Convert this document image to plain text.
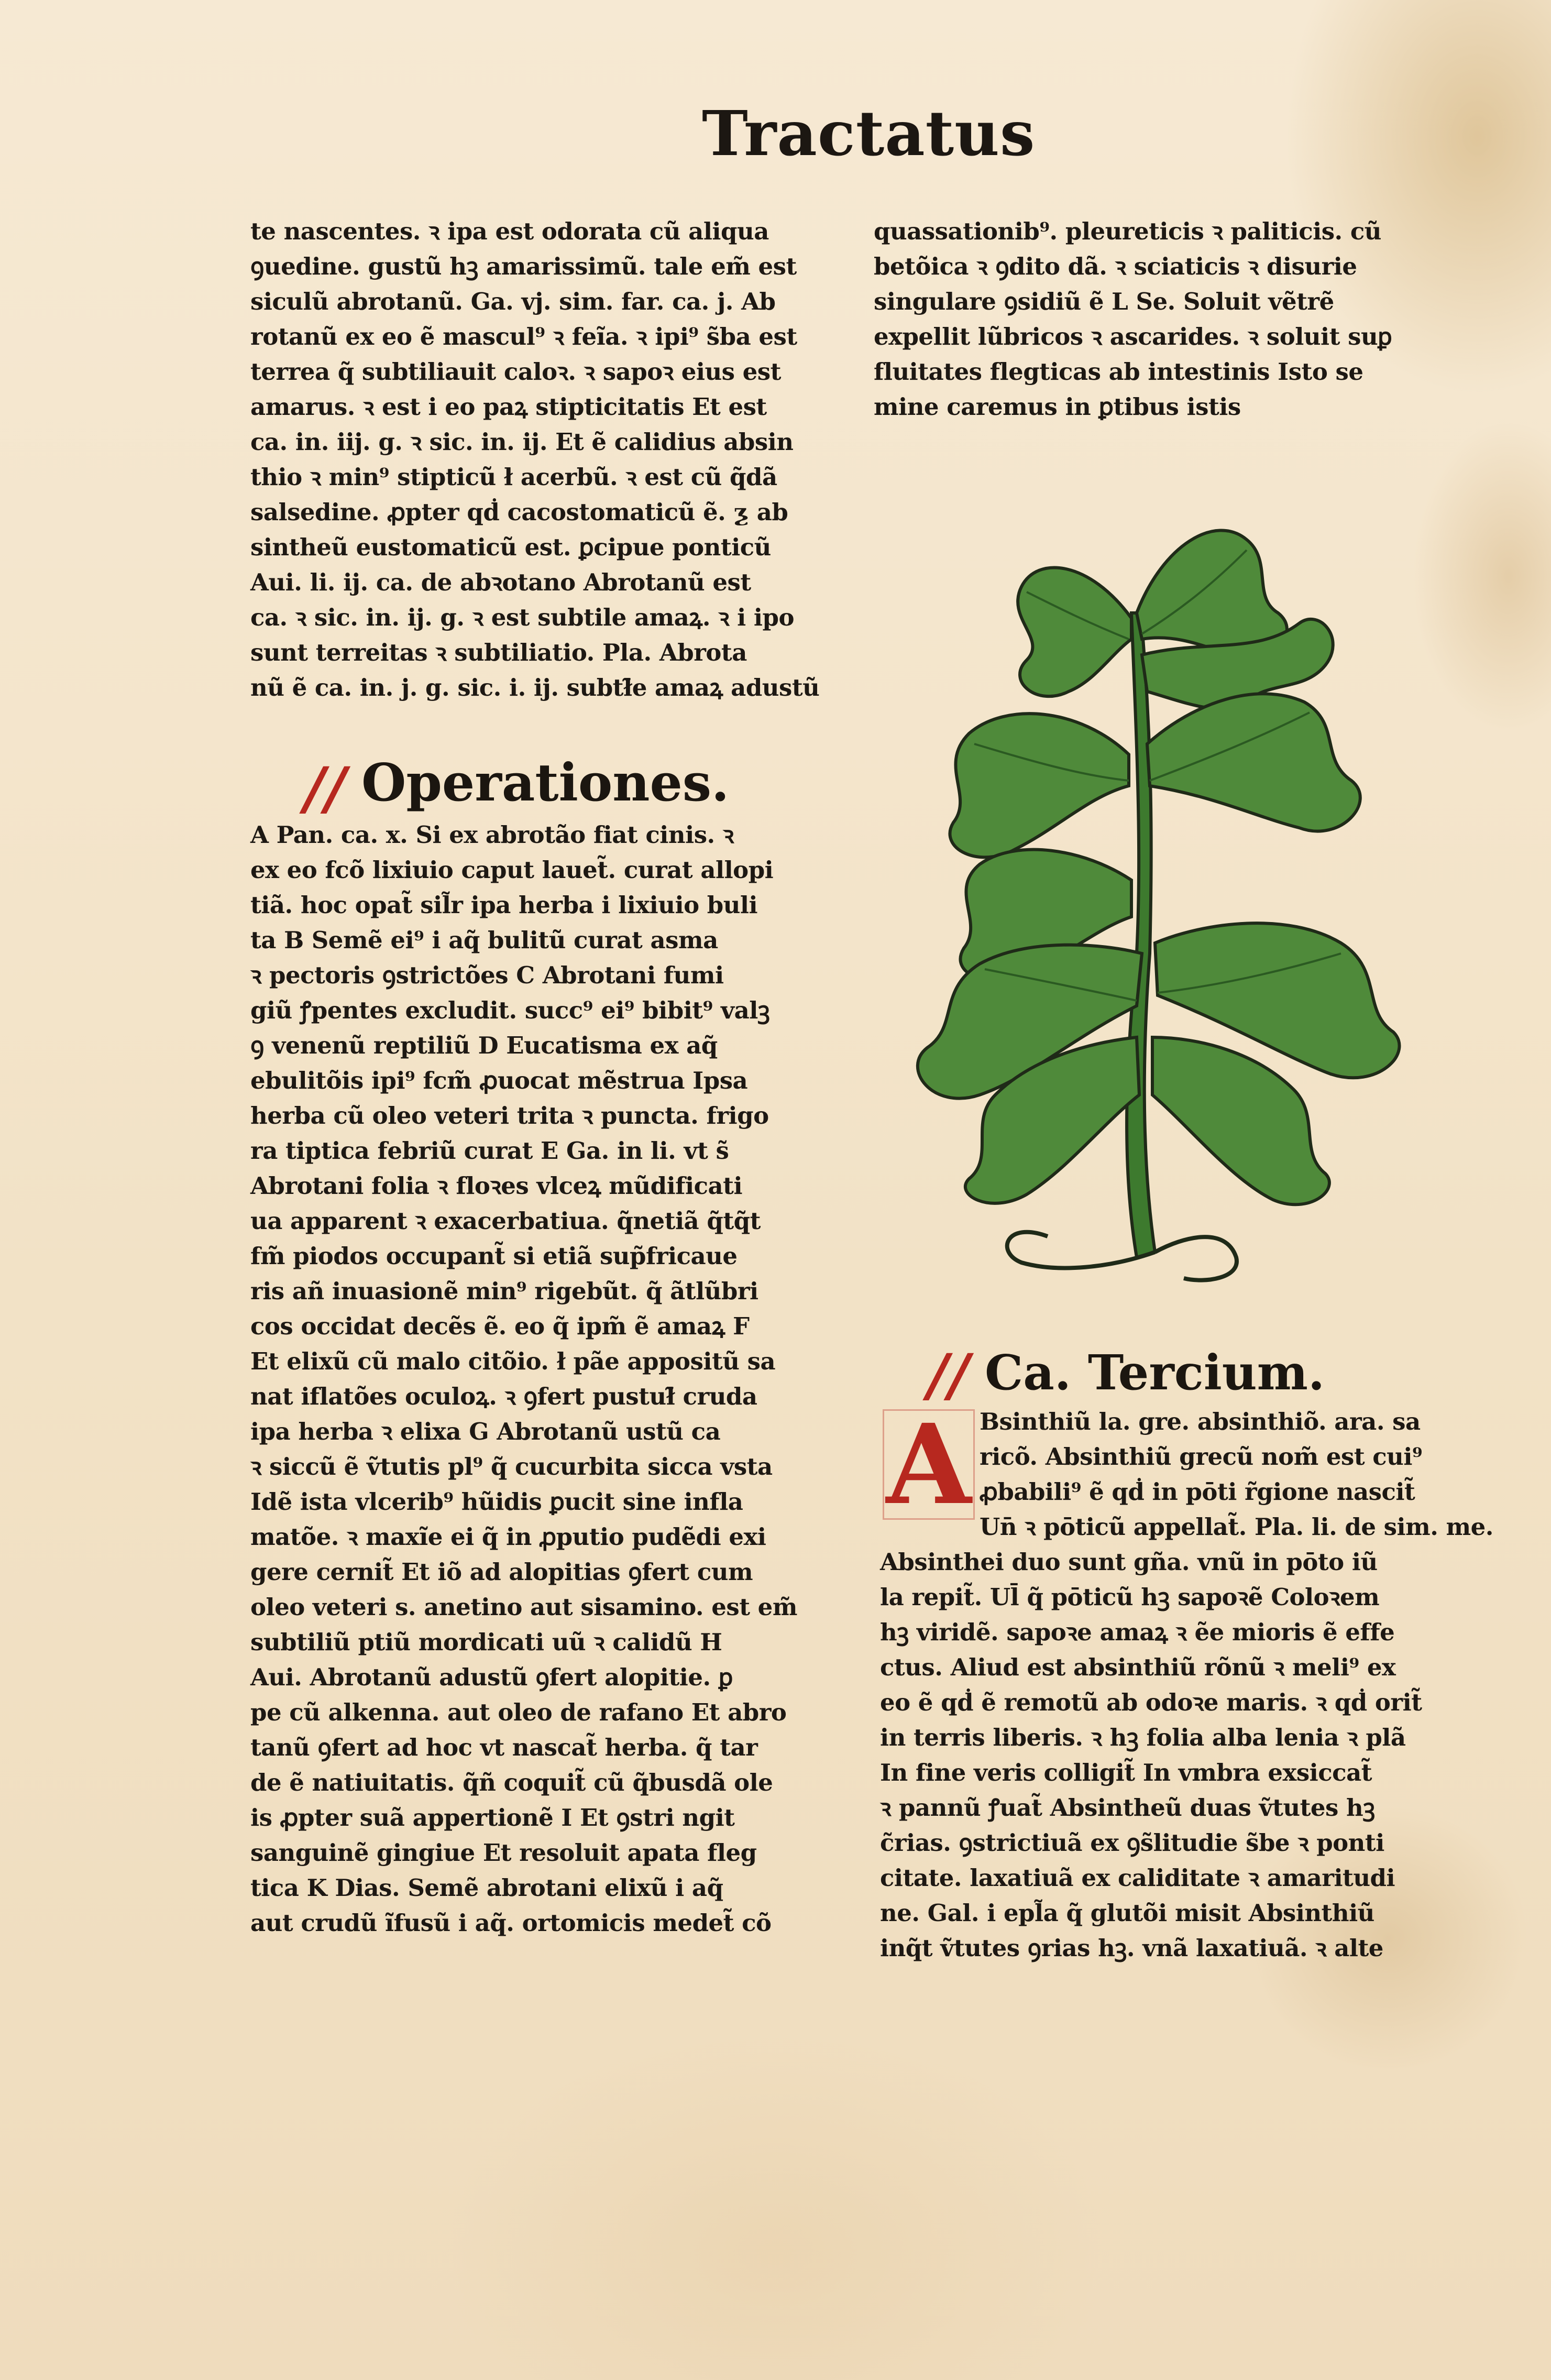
Tractatus
te nascentes. ꝛ ipa est odorata cũ aliqua
ꝯuedine. gustũ hꝫ amarissimũ. tale em̃ est
siculũ abrotanũ. Ga. vj. sim. far. ca. j. Ab
rotanũ ex eo ẽ mascul⁹ ꝛ feĩa. ꝛ ipi⁹ s̃ba est
terrea q̃ subtiliauit caloꝛ. ꝛ sapoꝛ eius est
amarus. ꝛ est i eo paꝝ stipticitatis Et est
ca. in. iij. g. ꝛ sic. in. ij. Et ẽ calidius absin
thio ꝛ min⁹ stipticũ ł acerbũ. ꝛ est cũ q̃dã
salsedine. ꝓpter qḋ cacostomaticũ ẽ. ƺ ab
sintheũ eustomaticũ est. ꝑcipue ponticũ
Aui. li. ij. ca. de abꝛotano Abrotanũ est
ca. ꝛ sic. in. ij. g. ꝛ est subtile amaꝝ. ꝛ i ipo
sunt terreitas ꝛ subtiliatio. Pla. Abrota
nũ ẽ ca. in. j. g. sic. i. ij. subtł̃e amaꝝ adustũ
// Operationes.
A Pan. ca. x. Si ex abrotão fiat cinis. ꝛ
ex eo fcõ lixiuio caput lauet̃. curat allopi
tiã. hoc opat̃ sil̃r ipa herba i lixiuio buli
ta B Semẽ ei⁹ i aq̃ bulitũ curat asma
ꝛ pectoris ꝯstrictões C Abrotani fumi
giũ ꝭpentes excludit. succ⁹ ei⁹ bibit⁹ valꝫ
ꝯ venenũ reptiliũ D Eucatisma ex aq̃
ebulitõis ipi⁹ fcm̃ ꝓuocat mẽstrua Ipsa
herba cũ oleo veteri trita ꝛ puncta. frigo
ra tiptica febriũ curat E Ga. in li. vt s̃
Abrotani folia ꝛ floꝛes vlceꝝ mũdificati
ua apparent ꝛ exacerbatiua. q̃netiã q̃tq̃t
fm̃ piodos occupant̃ si etiã sup̃fricaue
ris añ inuasionẽ min⁹ rigebũt. q̃ ãtlũbri
cos occidat decẽs ẽ. eo q̃ ipm̃ ẽ amaꝝ F
Et elixũ cũ malo citõio. ł pãe appositũ sa
nat iflatões oculoꝝ. ꝛ ꝯfert pustuł̃ cruda
ipa herba ꝛ elixa G Abrotanũ ustũ ca
ꝛ siccũ ẽ ṽtutis pl⁹ q̃ cucurbita sicca vsta
Idẽ ista vlcerib⁹ hũidis ꝑucit sine infla
matõe. ꝛ maxĩe ei q̃ in ꝓputio pudẽdi exi
gere cernit̃ Et iõ ad alopitias ꝯfert cum
oleo veteri s. anetino aut sisamino. est em̃
subtiliũ ptiũ mordicati uũ ꝛ calidũ H
Aui. Abrotanũ adustũ ꝯfert alopitie. ꝑ
pe cũ alkenna. aut oleo de rafano Et abro
tanũ ꝯfert ad hoc vt nascat̃ herba. q̃ tar
de ẽ natiuitatis. q̃ñ coquit̃ cũ q̃busdã ole
is ꝓpter suã appertionẽ I Et ꝯstri ngit
sanguinẽ gingiue Et resoluit apata fleg
tica K Dias. Semẽ abrotani elixũ i aq̃
aut crudũ ĩfusũ i aq̃. ortomicis medet̃ cõ
quassationib⁹. pleureticis ꝛ paliticis. cũ
betõica ꝛ ꝯdito dã. ꝛ sciaticis ꝛ disurie
singulare ꝯsidiũ ẽ L Se. Soluit vẽtrẽ
expellit lũbricos ꝛ ascarides. ꝛ soluit suꝑ
fluitates flegticas ab intestinis Isto se
mine caremus in ꝑtibus istis
// Ca. Tercium.
A Bsinthiũ la. gre. absinthiõ. ara. sa
ricõ. Absinthiũ grecũ nom̃ est cui⁹
ꝓbabili⁹ ẽ qḋ in pōti r̃gione nascit̃
Un̄ ꝛ pōticũ appellat̃. Pla. li. de sim. me.
Absinthei duo sunt gña. vnũ in pōto iũ
la repit̃. Ul̄ q̃ pōticũ hꝫ sapoꝛẽ Coloꝛem
hꝫ viridẽ. sapoꝛe amaꝝ ꝛ ẽe mioris ẽ effe
ctus. Aliud est absinthiũ rõnũ ꝛ meli⁹ ex
eo ẽ qḋ ẽ remotũ ab odoꝛe maris. ꝛ qḋ orit̃
in terris liberis. ꝛ hꝫ folia alba lenia ꝛ plã
In fine veris colligit̃ In vmbra exsiccat̃
ꝛ pannũ ꝭuat̃ Absintheũ duas ṽtutes hꝫ
c̃rias. ꝯstrictiuã ex ꝯs̃litudie s̃be ꝛ ponti
citate. laxatiuã ex caliditate ꝛ amaritudi
ne. Gal. i epl̃a q̃ glutõi misit Absinthiũ
inq̃t ṽtutes ꝯrias hꝫ. vnã laxatiuã. ꝛ alte
